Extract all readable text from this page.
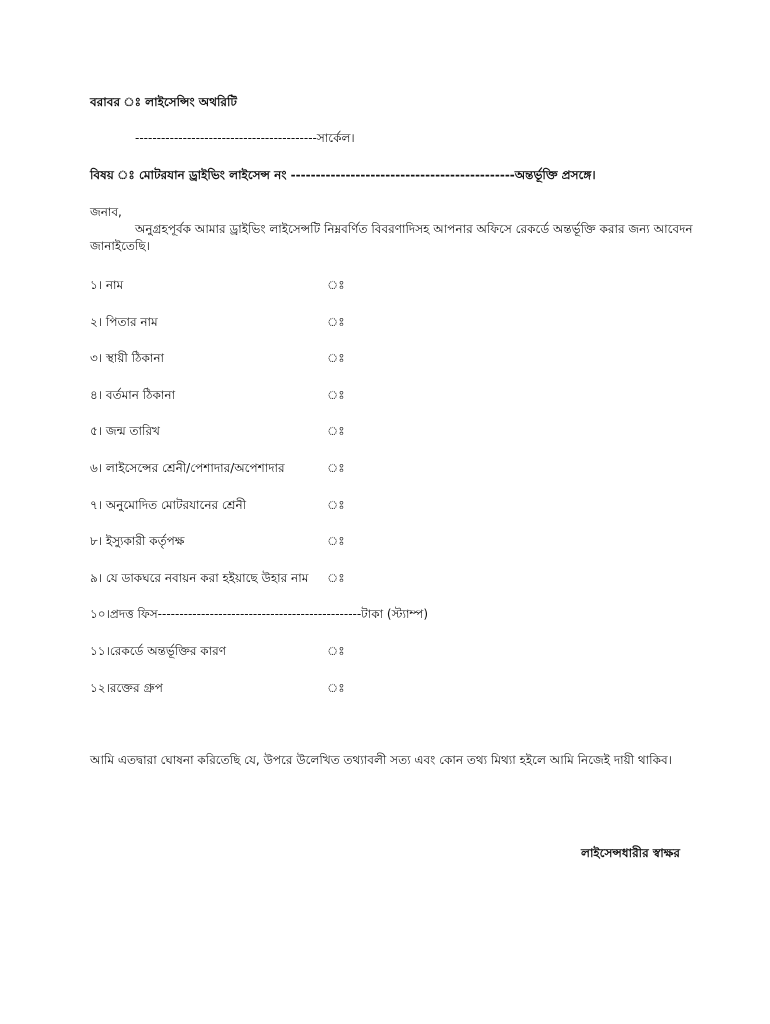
বরাবর ঃ লাইসেন্সিং অথরিটি
------------------------------------------সার্কেল।
বিষয় ঃ মোটরযান ড্রাইভিং লাইসেন্স নং ---------------------------------------------অন্তর্ভূক্তি প্রসঙ্গে।
জনাব,
অনুগ্রহপূর্বক আমার ড্রাইভিং লাইসেন্সটি নিম্নবর্ণিত বিবরণাদিসহ আপনার অফিসে রেকর্ডে অন্তর্ভূক্তি করার জন্য আবেদন
জানাইতেছি।
১। নাম	ঃ
২। পিতার নাম	ঃ
৩। স্থায়ী ঠিকানা	ঃ
৪। বর্তমান ঠিকানা	ঃ
৫। জন্ম তারিখ	ঃ
৬। লাইসেন্সের শ্রেনী/পেশাদার/অপেশাদার	ঃ
৭। অনুমোদিত মোটরযানের শ্রেনী	ঃ
৮। ইস্যুকারী কর্তৃপক্ষ	ঃ
৯। যে ডাকঘরে নবায়ন করা হইয়াছে উহার নাম ঃ
১০।প্রদত্ত ফিস-----------------------------------------------টাকা (স্ট্যাম্প)
১১।রেকর্ডে অন্তর্ভূক্তির কারণ	ঃ
১২।রক্তের গ্রুপ	ঃ
আমি এতদ্বারা ঘোষনা করিতেছি যে, উপরে উলেখিত তথ্যাবলী সত্য এবং কোন তথ্য মিথ্যা হইলে আমি নিজেই দায়ী থাকিব।
লাইসেন্সধারীর স্বাক্ষর
